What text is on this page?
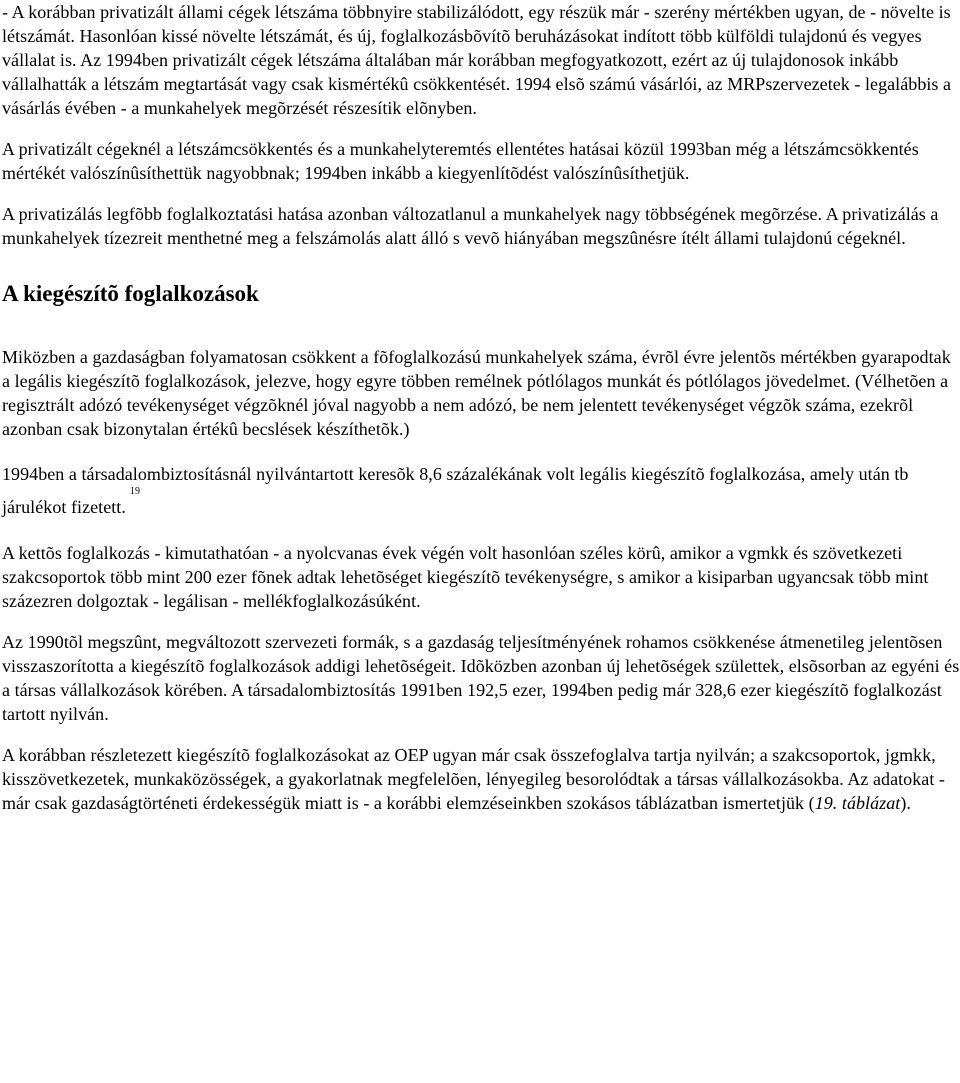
- A korábban privatizált állami cégek létszáma többnyire stabilizálódott, egy részük már - szerény mértékben ugyan, de - növelte is létszámát. Hasonlóan kissé növelte létszámát, és új, foglalkozásbõvítõ beruházásokat indított több külföldi tulajdonú és vegyes vállalat is. Az 1994ben privatizált cégek létszáma általában már korábban megfogyatkozott, ezért az új tulajdonosok inkább vállalhatták a létszám megtartását vagy csak kismértékû csökkentését. 1994 elsõ számú vásárlói, az MRPszervezetek - legalábbis a vásárlás évében - a munkahelyek megõrzését részesítik elõnyben.

A privatizált cégeknél a létszámcsökkentés és a munkahelyteremtés ellentétes hatásai közül 1993ban még a létszámcsökkentés mértékét valószínûsíthettük nagyobbnak; 1994ben inkább a kiegyenlítõdést valószínûsíthetjük.

A privatizálás legfõbb foglalkoztatási hatása azonban változatlanul a munkahelyek nagy többségének megõrzése. A privatizálás a munkahelyek tízezreit menthetné meg a felszámolás alatt álló s vevõ hiányában megszûnésre ítélt állami tulajdonú cégeknél.

A kiegészítõ foglalkozások

Miközben a gazdaságban folyamatosan csökkent a fõfoglalkozású munkahelyek száma, évrõl évre jelentõs mértékben gyarapodtak a legális kiegészítõ foglalkozások, jelezve, hogy egyre többen remélnek pótlólagos munkát és pótlólagos jövedelmet. (Vélhetõen a regisztrált adózó tevékenységet végzõknél jóval nagyobb a nem adózó, be nem jelentett tevékenységet végzõk száma, ezekrõl azonban csak bizonytalan értékû becslések készíthetõk.)

1994ben a társadalombiztosításnál nyilvántartott keresõk 8,6 százalékának volt legális kiegészítõ foglalkozása, amely után tb járulékot fizetett.$^{19}$

A kettõs foglalkozás - kimutathatóan - a nyolcvanas évek végén volt hasonlóan széles körû, amikor a vgmkk és szövetkezeti szakcsoportok több mint 200 ezer fõnek adtak lehetõséget kiegészítõ tevékenységre, s amikor a kisiparban ugyancsak több mint százezren dolgoztak - legálisan - mellékfoglalkozásúként.

Az 1990tõl megszûnt, megváltozott szervezeti formák, s a gazdaság teljesítményének rohamos csökkenése átmenetileg jelentõsen visszaszorította a kiegészítõ foglalkozások addigi lehetõségeit. Idõközben azonban új lehetõségek születtek, elsõsorban az egyéni és a társas vállalkozások körében. A társadalombiztosítás 1991ben 192,5 ezer, 1994ben pedig már 328,6 ezer kiegészítõ foglalkozást tartott nyilván.

A korábban részletezett kiegészítõ foglalkozásokat az OEP ugyan már csak összefoglalva tartja nyilván; a szakcsoportok, jgmkk, kisszövetkezetek, munkaközösségek, a gyakorlatnak megfelelõen, lényegileg besorolódtak a társas vállalkozásokba. Az adatokat - már csak gazdaságtörténeti érdekességük miatt is - a korábbi elemzéseinkben szokásos táblázatban ismertetjük (19. táblázat).
